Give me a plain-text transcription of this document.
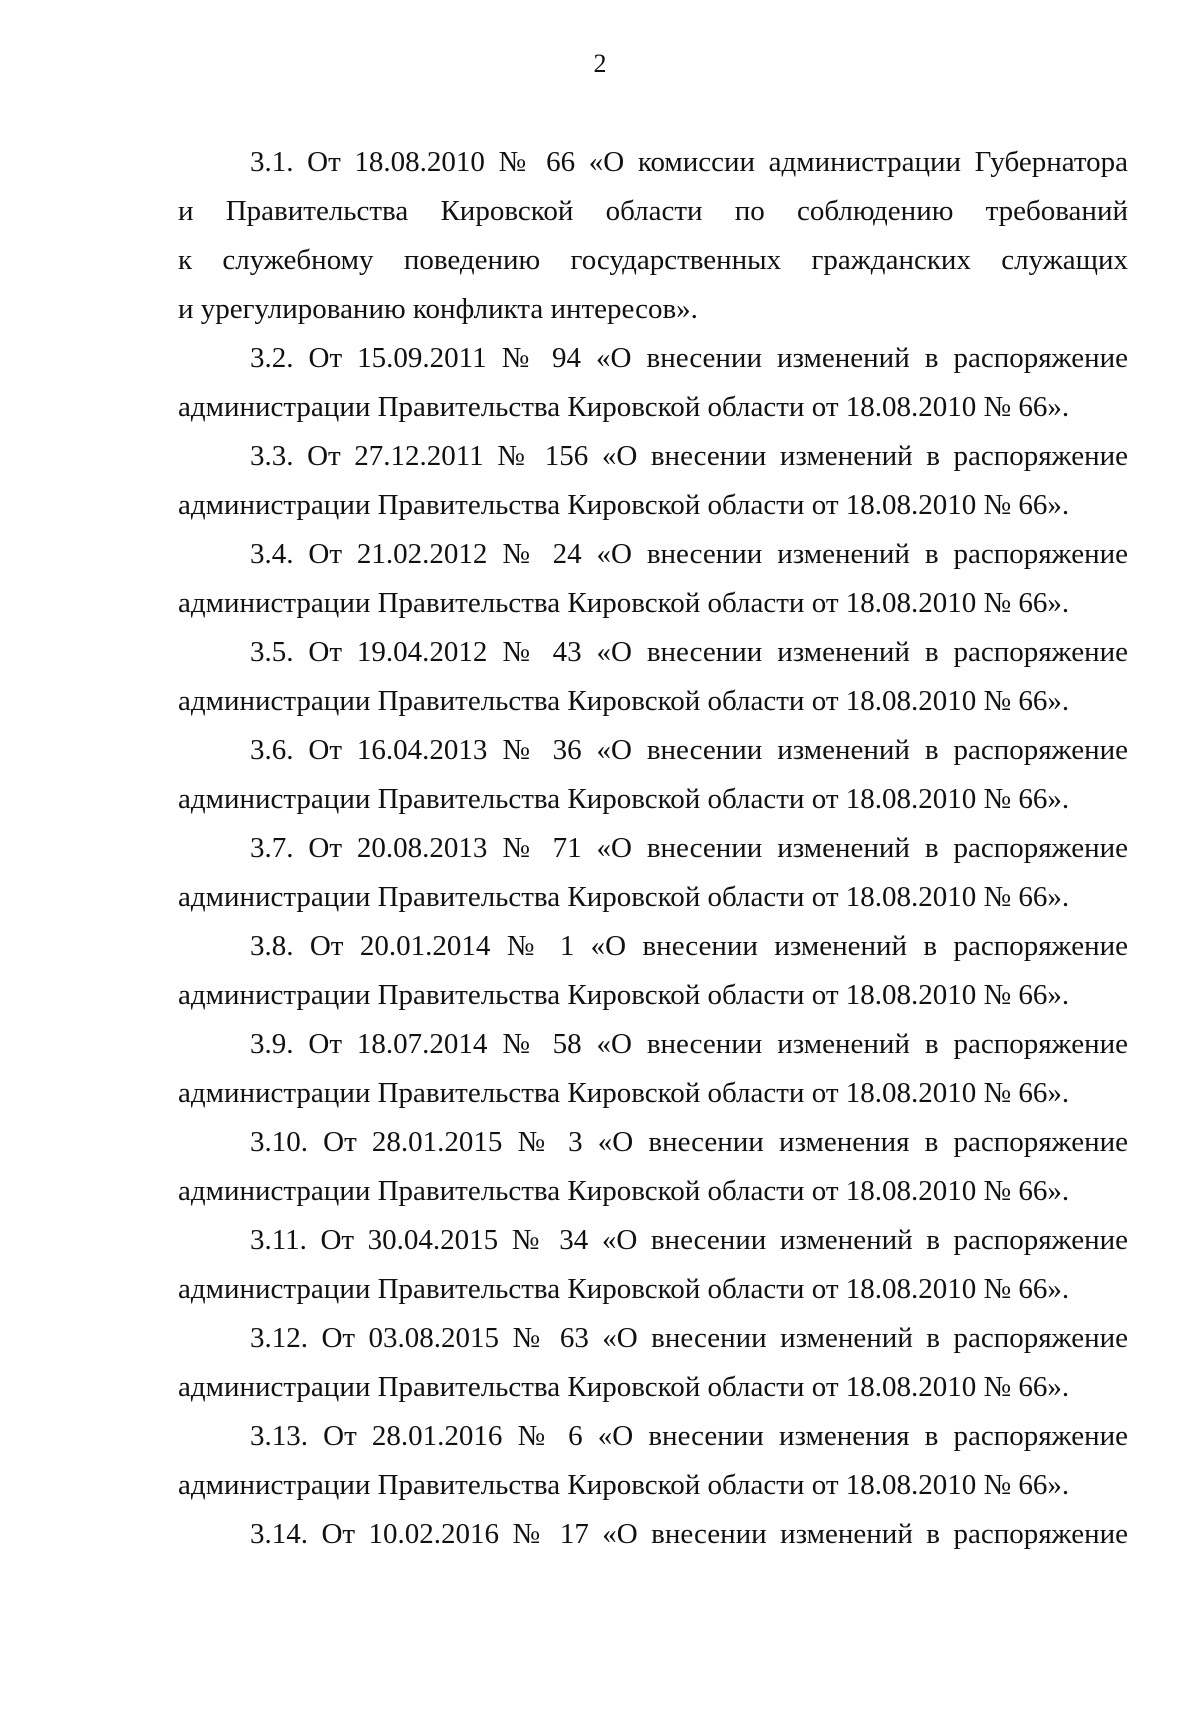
2
3.1. От 18.08.2010 № 66 «О комиссии администрации Губернатора
и Правительства Кировской области по соблюдению требований
к служебному поведению государственных гражданских служащих
и урегулированию конфликта интересов».
3.2. От 15.09.2011 № 94 «О внесении изменений в распоряжение
администрации Правительства Кировской области от 18.08.2010 № 66».
3.3. От 27.12.2011 № 156 «О внесении изменений в распоряжение
администрации Правительства Кировской области от 18.08.2010 № 66».
3.4. От 21.02.2012 № 24 «О внесении изменений в распоряжение
администрации Правительства Кировской области от 18.08.2010 № 66».
3.5. От 19.04.2012 № 43 «О внесении изменений в распоряжение
администрации Правительства Кировской области от 18.08.2010 № 66».
3.6. От 16.04.2013 № 36 «О внесении изменений в распоряжение
администрации Правительства Кировской области от 18.08.2010 № 66».
3.7. От 20.08.2013 № 71 «О внесении изменений в распоряжение
администрации Правительства Кировской области от 18.08.2010 № 66».
3.8. От 20.01.2014 № 1 «О внесении изменений в распоряжение
администрации Правительства Кировской области от 18.08.2010 № 66».
3.9. От 18.07.2014 № 58 «О внесении изменений в распоряжение
администрации Правительства Кировской области от 18.08.2010 № 66».
3.10. От 28.01.2015 № 3 «О внесении изменения в распоряжение
администрации Правительства Кировской области от 18.08.2010 № 66».
3.11. От 30.04.2015 № 34 «О внесении изменений в распоряжение
администрации Правительства Кировской области от 18.08.2010 № 66».
3.12. От 03.08.2015 № 63 «О внесении изменений в распоряжение
администрации Правительства Кировской области от 18.08.2010 № 66».
3.13. От 28.01.2016 № 6 «О внесении изменения в распоряжение
администрации Правительства Кировской области от 18.08.2010 № 66».
3.14. От 10.02.2016 № 17 «О внесении изменений в распоряжение
